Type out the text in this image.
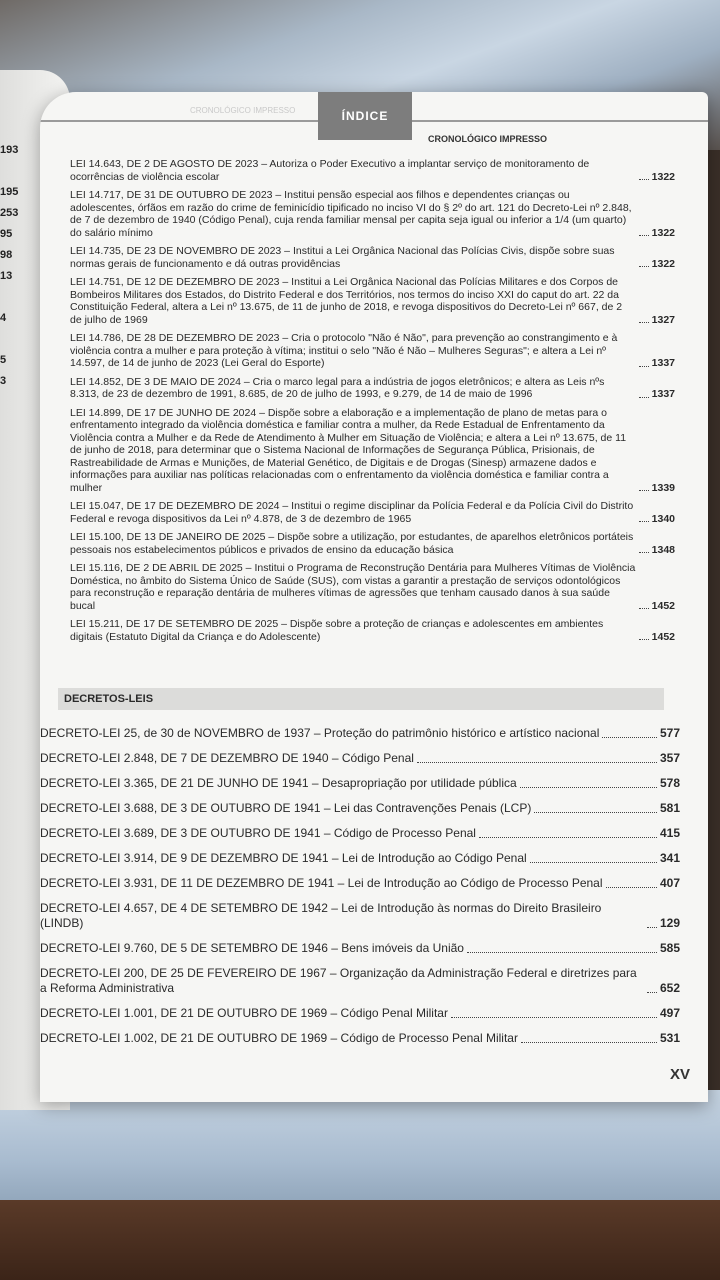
193

195
253
95
98
13

4

5
3
CRONOLÓGICO IMPRESSO	ÍNDICE
CRONOLÓGICO IMPRESSO
LEI 14.643, DE 2 DE AGOSTO DE 2023 – Autoriza o Poder Executivo a implantar serviço de monitoramento de ocorrências de violência escolar	1322
LEI 14.717, DE 31 DE OUTUBRO DE 2023 – Institui pensão especial aos filhos e dependentes crianças ou adolescentes, órfãos em razão do crime de feminicídio tipificado no inciso VI do § 2º do art. 121 do Decreto-Lei nº 2.848, de 7 de dezembro de 1940 (Código Penal), cuja renda familiar mensal per capita seja igual ou inferior a 1/4 (um quarto) do salário mínimo	1322
LEI 14.735, DE 23 DE NOVEMBRO DE 2023 – Institui a Lei Orgânica Nacional das Polícias Civis, dispõe sobre suas normas gerais de funcionamento e dá outras providências	1322
LEI 14.751, DE 12 DE DEZEMBRO DE 2023 – Institui a Lei Orgânica Nacional das Polícias Militares e dos Corpos de Bombeiros Militares dos Estados, do Distrito Federal e dos Territórios, nos termos do inciso XXI do caput do art. 22 da Constituição Federal, altera a Lei nº 13.675, de 11 de junho de 2018, e revoga dispositivos do Decreto-Lei nº 667, de 2 de julho de 1969	1327
LEI 14.786, DE 28 DE DEZEMBRO DE 2023 – Cria o protocolo "Não é Não", para prevenção ao constrangimento e à violência contra a mulher e para proteção à vítima; institui o selo "Não é Não – Mulheres Seguras"; e altera a Lei nº 14.597, de 14 de junho de 2023 (Lei Geral do Esporte)	1337
LEI 14.852, DE 3 DE MAIO DE 2024 – Cria o marco legal para a indústria de jogos eletrônicos; e altera as Leis nºs 8.313, de 23 de dezembro de 1991, 8.685, de 20 de julho de 1993, e 9.279, de 14 de maio de 1996	1337
LEI 14.899, DE 17 DE JUNHO DE 2024 – Dispõe sobre a elaboração e a implementação de plano de metas para o enfrentamento integrado da violência doméstica e familiar contra a mulher, da Rede Estadual de Enfrentamento da Violência contra a Mulher e da Rede de Atendimento à Mulher em Situação de Violência; e altera a Lei nº 13.675, de 11 de junho de 2018, para determinar que o Sistema Nacional de Informações de Segurança Pública, Prisionais, de Rastreabilidade de Armas e Munições, de Material Genético, de Digitais e de Drogas (Sinesp) armazene dados e informações para auxiliar nas políticas relacionadas com o enfrentamento da violência doméstica e familiar contra a mulher	1339
LEI 15.047, DE 17 DE DEZEMBRO DE 2024 – Institui o regime disciplinar da Polícia Federal e da Polícia Civil do Distrito Federal e revoga dispositivos da Lei nº 4.878, de 3 de dezembro de 1965	1340
LEI 15.100, DE 13 DE JANEIRO DE 2025 – Dispõe sobre a utilização, por estudantes, de aparelhos eletrônicos portáteis pessoais nos estabelecimentos públicos e privados de ensino da educação básica	1348
LEI 15.116, DE 2 DE ABRIL DE 2025 – Institui o Programa de Reconstrução Dentária para Mulheres Vítimas de Violência Doméstica, no âmbito do Sistema Único de Saúde (SUS), com vistas a garantir a prestação de serviços odontológicos para reconstrução e reparação dentária de mulheres vítimas de agressões que tenham causado danos à sua saúde bucal	1452
LEI 15.211, DE 17 DE SETEMBRO DE 2025 – Dispõe sobre a proteção de crianças e adolescentes em ambientes digitais (Estatuto Digital da Criança e do Adolescente)	1452
DECRETOS-LEIS
DECRETO-LEI 25, de 30 de NOVEMBRO de 1937 – Proteção do patrimônio histórico e artístico nacional	577
DECRETO-LEI 2.848, DE 7 DE DEZEMBRO DE 1940 – Código Penal	357
DECRETO-LEI 3.365, DE 21 DE JUNHO DE 1941 – Desapropriação por utilidade pública	578
DECRETO-LEI 3.688, DE 3 DE OUTUBRO DE 1941 – Lei das Contravenções Penais (LCP)	581
DECRETO-LEI 3.689, DE 3 DE OUTUBRO DE 1941 – Código de Processo Penal	415
DECRETO-LEI 3.914, DE 9 DE DEZEMBRO DE 1941 – Lei de Introdução ao Código Penal	341
DECRETO-LEI 3.931, DE 11 DE DEZEMBRO DE 1941 – Lei de Introdução ao Código de Processo Penal	407
DECRETO-LEI 4.657, DE 4 DE SETEMBRO DE 1942 – Lei de Introdução às normas do Direito Brasileiro (LINDB)	129
DECRETO-LEI 9.760, DE 5 DE SETEMBRO DE 1946 – Bens imóveis da União	585
DECRETO-LEI 200, DE 25 DE FEVEREIRO DE 1967 – Organização da Administração Federal e diretrizes para a Reforma Administrativa	652
DECRETO-LEI 1.001, DE 21 DE OUTUBRO DE 1969 – Código Penal Militar	497
DECRETO-LEI 1.002, DE 21 DE OUTUBRO DE 1969 – Código de Processo Penal Militar	531
XV
